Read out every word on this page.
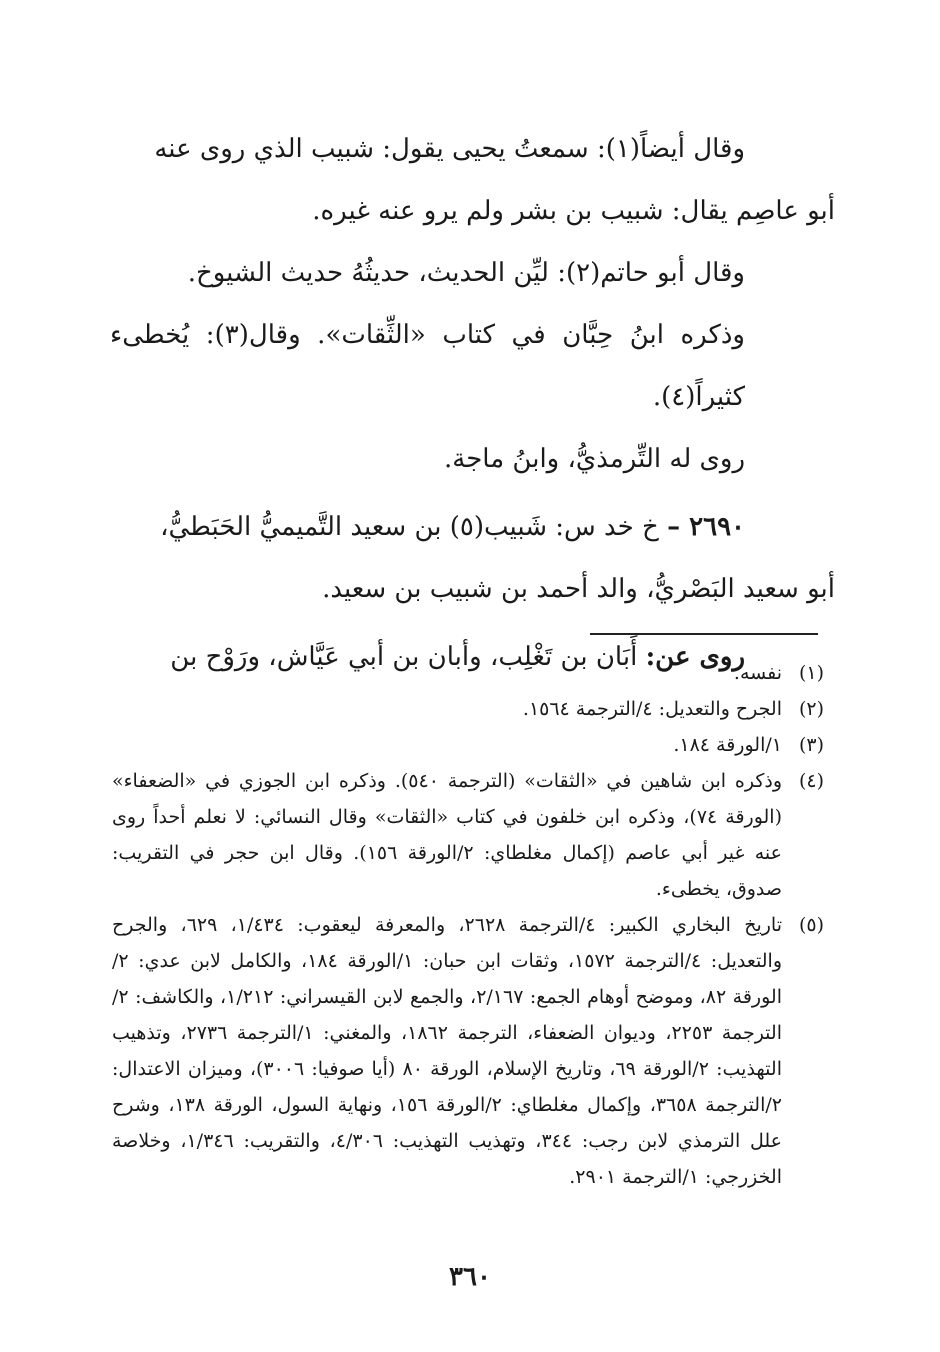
وقال أيضاً(١): سمعتُ يحيى يقول: شبيب الذي روى عنه

أبو عاصِم يقال: شبيب بن بشر ولم يرو عنه غيره.

وقال أبو حاتم(٢): ليِّن الحديث، حديثُهُ حديث الشيوخ.

وذكره ابنُ حِبَّان في كتاب «الثِّقات». وقال(٣): يُخطىء كثيراً(٤).

روى له التِّرمذيُّ، وابنُ ماجة.

٢٦٩٠ – خ خد س: شَبيب(٥) بن سعيد التَّميميُّ الحَبَطيُّ،

أبو سعيد البَصْريُّ، والد أحمد بن شبيب بن سعيد.

روى عن: أَبَان بن تَغْلِب، وأبان بن أبي عَيَّاش، ورَوْح بن

(١)
نفسه.
(٢)
الجرح والتعديل: ٤/الترجمة ١٥٦٤.
(٣)
١/الورقة ١٨٤.
(٤)
وذكره ابن شاهين في «الثقات» (الترجمة ٥٤٠). وذكره ابن الجوزي في «الضعفاء» (الورقة ٧٤)، وذكره ابن خلفون في كتاب «الثقات» وقال النسائي: لا نعلم أحداً روى عنه غير أبي عاصم (إكمال مغلطاي: ٢/الورقة ١٥٦). وقال ابن حجر في التقريب: صدوق، يخطىء.
(٥)
تاريخ البخاري الكبير: ٤/الترجمة ٢٦٢٨، والمعرفة ليعقوب: ١/٤٣٤، ٦٢٩، والجرح والتعديل: ٤/الترجمة ١٥٧٢، وثقات ابن حبان: ١/الورقة ١٨٤، والكامل لابن عدي: ٢/الورقة ٨٢، وموضح أوهام الجمع: ٢/١٦٧، والجمع لابن القيسراني: ١/٢١٢، والكاشف: ٢/الترجمة ٢٢٥٣، وديوان الضعفاء، الترجمة ١٨٦٢، والمغني: ١/الترجمة ٢٧٣٦، وتذهيب التهذيب: ٢/الورقة ٦٩، وتاريخ الإسلام، الورقة ٨٠ (أيا صوفيا: ٣٠٠٦)، وميزان الاعتدال: ٢/الترجمة ٣٦٥٨، وإكمال مغلطاي: ٢/الورقة ١٥٦، ونهاية السول، الورقة ١٣٨، وشرح علل الترمذي لابن رجب: ٣٤٤، وتهذيب التهذيب: ٤/٣٠٦، والتقريب: ١/٣٤٦، وخلاصة الخزرجي: ١/الترجمة ٢٩٠١.
٣٦٠
